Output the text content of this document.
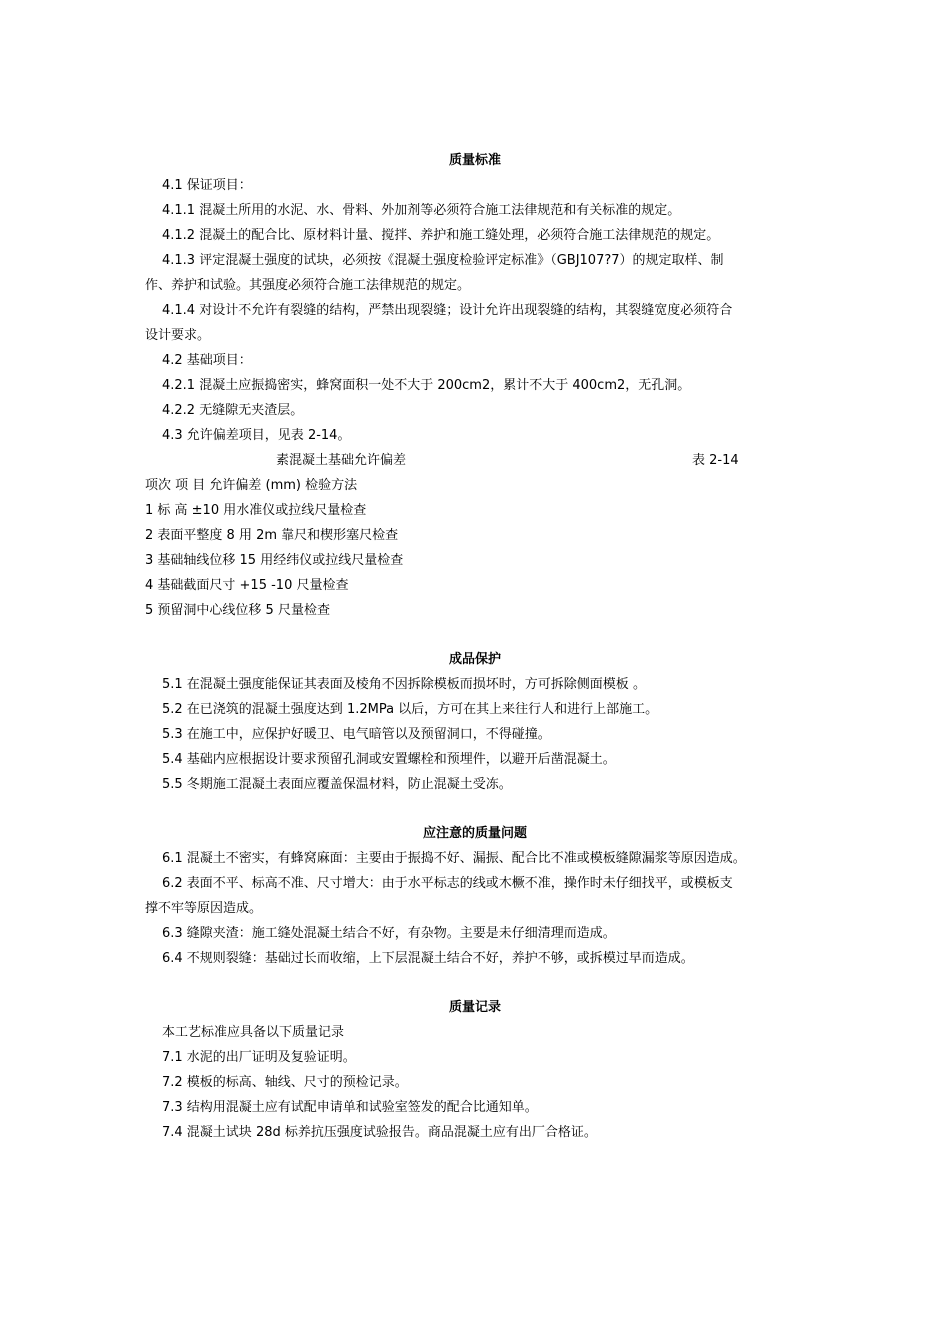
质量标准
4.1 保证项目：
4.1.1 混凝土所用的水泥、水、骨料、外加剂等必须符合施工法律规范和有关标准的规定。
4.1.2 混凝土的配合比、原材料计量、搅拌、养护和施工缝处理，必须符合施工法律规范的规定。
4.1.3 评定混凝土强度的试块，必须按《混凝土强度检验评定标准》（GBJ107?7）的规定取样、制
作、养护和试验。其强度必须符合施工法律规范的规定。
4.1.4 对设计不允许有裂缝的结构，严禁出现裂缝；设计允许出现裂缝的结构，其裂缝宽度必须符合
设计要求。
4.2 基础项目：
4.2.1 混凝土应振捣密实，蜂窝面积一处不大于 200cm2，累计不大于 400cm2，无孔洞。
4.2.2 无缝隙无夹渣层。
4.3 允许偏差项目，见表 2-14。
素混凝土基础允许偏差	表 2-14
项次 项 目 允许偏差 (mm) 检验方法
1 标 高 ±10 用水准仪或拉线尺量检查
2 表面平整度 8 用 2m 靠尺和楔形塞尺检查
3 基础轴线位移 15 用经纬仪或拉线尺量检查
4 基础截面尺寸 +15 -10 尺量检查
5 预留洞中心线位移 5 尺量检查
成品保护
5.1 在混凝土强度能保证其表面及棱角不因拆除模板而损坏时，方可拆除侧面模板 。
5.2 在已浇筑的混凝土强度达到 1.2MPa 以后，方可在其上来往行人和进行上部施工。
5.3 在施工中，应保护好暖卫、电气暗管以及预留洞口，不得碰撞。
5.4 基础内应根据设计要求预留孔洞或安置螺栓和预埋件，以避开后凿混凝土。
5.5 冬期施工混凝土表面应覆盖保温材料，防止混凝土受冻。
应注意的质量问题
6.1 混凝土不密实，有蜂窝麻面：主要由于振捣不好、漏振、配合比不准或模板缝隙漏浆等原因造成。
6.2 表面不平、标高不准、尺寸增大：由于水平标志的线或木橛不准，操作时未仔细找平，或模板支
撑不牢等原因造成。
6.3 缝隙夹渣：施工缝处混凝土结合不好，有杂物。主要是未仔细清理而造成。
6.4 不规则裂缝：基础过长而收缩，上下层混凝土结合不好，养护不够，或拆模过早而造成。
质量记录
本工艺标准应具备以下质量记录
7.1 水泥的出厂证明及复验证明。
7.2 模板的标高、轴线、尺寸的预检记录。
7.3 结构用混凝土应有试配申请单和试验室签发的配合比通知单。
7.4 混凝土试块 28d 标养抗压强度试验报告。商品混凝土应有出厂合格证。
